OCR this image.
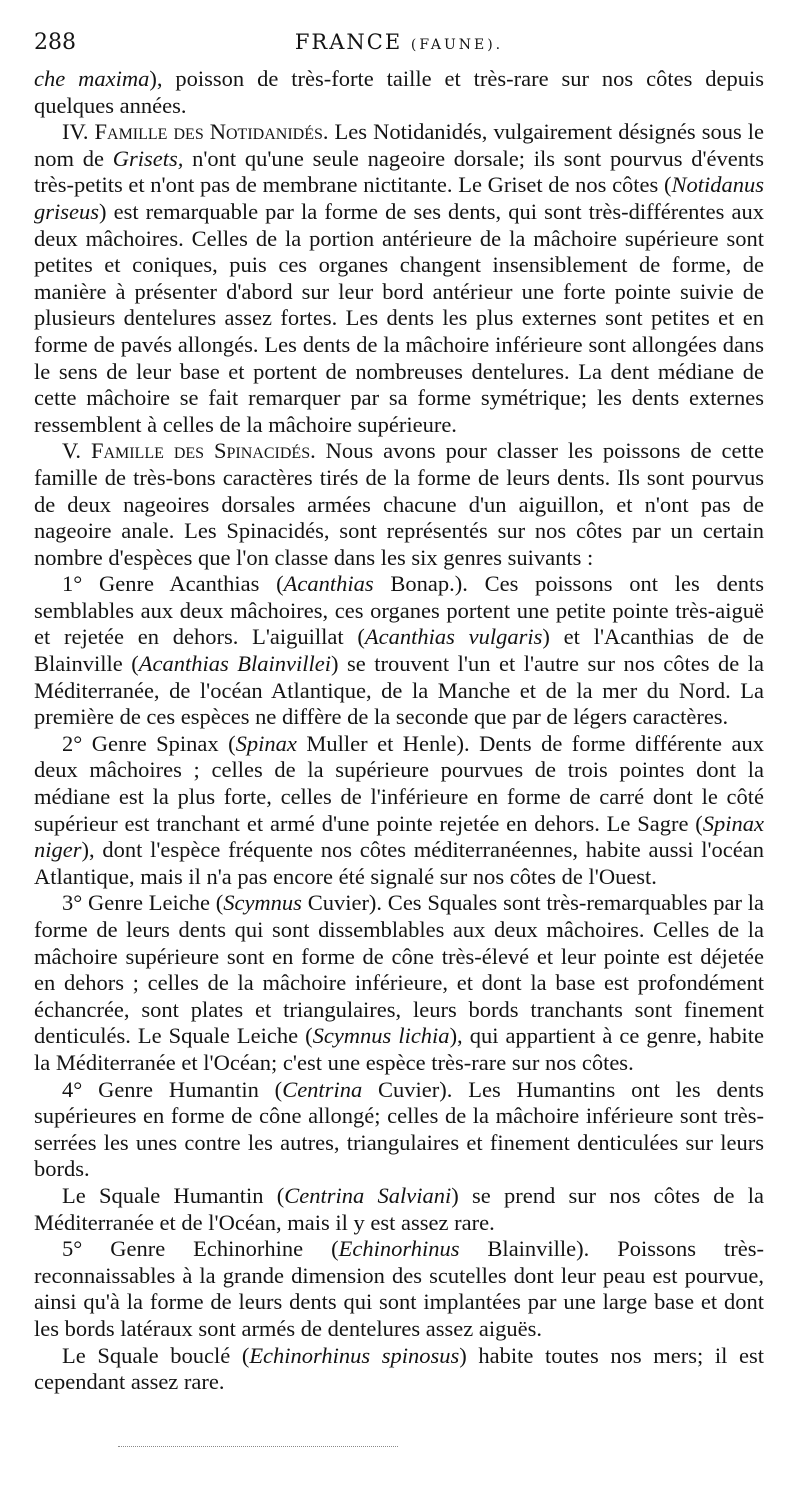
288	FRANCE (FAUNE).

che maxima), poisson de très-forte taille et très-rare sur nos côtes depuis quelques années.

IV. Famille des Notidanidés. Les Notidanidés, vulgairement désignés sous le nom de Grisets, n'ont qu'une seule nageoire dorsale; ils sont pourvus d'évents très-petits et n'ont pas de membrane nictitante. Le Griset de nos côtes (Notidanus griseus) est remarquable par la forme de ses dents, qui sont très-différentes aux deux mâchoires. Celles de la portion antérieure de la mâchoire supérieure sont petites et coniques, puis ces organes changent insensiblement de forme, de manière à présenter d'abord sur leur bord antérieur une forte pointe suivie de plusieurs dentelures assez fortes. Les dents les plus externes sont petites et en forme de pavés allongés. Les dents de la mâchoire inférieure sont allongées dans le sens de leur base et portent de nombreuses dentelures. La dent médiane de cette mâchoire se fait remarquer par sa forme symétrique; les dents externes ressemblent à celles de la mâchoire supérieure.

V. Famille des Spinacidés. Nous avons pour classer les poissons de cette famille de très-bons caractères tirés de la forme de leurs dents. Ils sont pourvus de deux nageoires dorsales armées chacune d'un aiguillon, et n'ont pas de nageoire anale. Les Spinacidés, sont représentés sur nos côtes par un certain nombre d'espèces que l'on classe dans les six genres suivants :

1° Genre Acanthias (Acanthias Bonap.). Ces poissons ont les dents semblables aux deux mâchoires, ces organes portent une petite pointe très-aiguë et rejetée en dehors. L'aiguillat (Acanthias vulgaris) et l'Acanthias de de Blainville (Acanthias Blainvillei) se trouvent l'un et l'autre sur nos côtes de la Méditerranée, de l'océan Atlantique, de la Manche et de la mer du Nord. La première de ces espèces ne diffère de la seconde que par de légers caractères.

2° Genre Spinax (Spinax Muller et Henle). Dents de forme différente aux deux mâchoires ; celles de la supérieure pourvues de trois pointes dont la médiane est la plus forte, celles de l'inférieure en forme de carré dont le côté supérieur est tranchant et armé d'une pointe rejetée en dehors. Le Sagre (Spinax niger), dont l'espèce fréquente nos côtes méditerranéennes, habite aussi l'océan Atlantique, mais il n'a pas encore été signalé sur nos côtes de l'Ouest.

3° Genre Leiche (Scymnus Cuvier). Ces Squales sont très-remarquables par la forme de leurs dents qui sont dissemblables aux deux mâchoires. Celles de la mâchoire supérieure sont en forme de cône très-élevé et leur pointe est déjetée en dehors ; celles de la mâchoire inférieure, et dont la base est profondément échancrée, sont plates et triangulaires, leurs bords tranchants sont finement denticulés. Le Squale Leiche (Scymnus lichia), qui appartient à ce genre, habite la Méditerranée et l'Océan; c'est une espèce très-rare sur nos côtes.

4° Genre Humantin (Centrina Cuvier). Les Humantins ont les dents supérieures en forme de cône allongé; celles de la mâchoire inférieure sont très-serrées les unes contre les autres, triangulaires et finement denticulées sur leurs bords.

Le Squale Humantin (Centrina Salviani) se prend sur nos côtes de la Méditerranée et de l'Océan, mais il y est assez rare.

5° Genre Echinorhine (Echinorhinus Blainville). Poissons très-reconnaissables à la grande dimension des scutelles dont leur peau est pourvue, ainsi qu'à la forme de leurs dents qui sont implantées par une large base et dont les bords latéraux sont armés de dentelures assez aiguës.

Le Squale bouclé (Echinorhinus spinosus) habite toutes nos mers; il est cependant assez rare.
